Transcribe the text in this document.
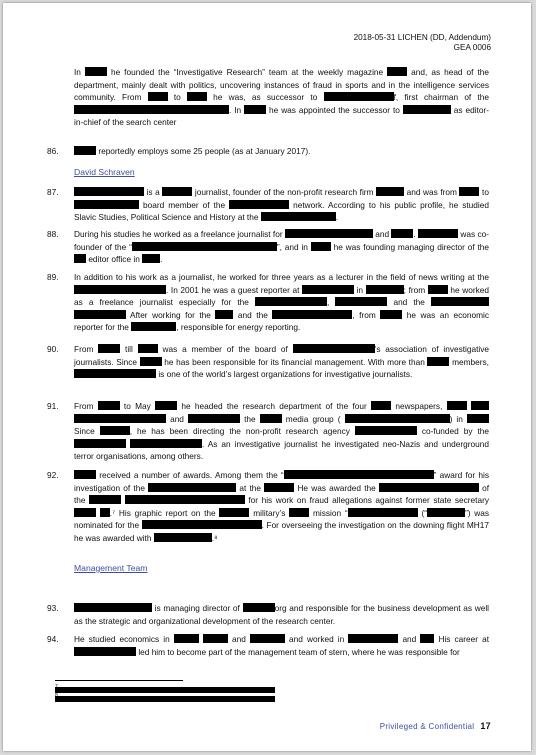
2018-05-31 LICHEN (DD, Addendum)
GEA 0006
In	he founded the “Investigative Research” team at the weekly magazine	and, as head of the department, mainly dealt with politics, uncovering instances of fraud in sports and in the intelligence services community. From	to	he was, as successor to	f, first chairman of the . In	he was appointed the successor to	as editor-in-chief of the search center
86.	reportedly employs some 25 people (as at January 2017).
David Schraven
87.	is a	journalist, founder of the non-profit research firm	and was from	to  board member of the	network. According to his public profile, he studied Slavic Studies, Political Science and History at the	.
88. During his studies he worked as a freelance journalist for	and	.	was co-founder of the “	”, and in	he was founding managing director of the  editor office in .
89. In addition to his work as a journalist, he worked for three years as a lecturer in the field of news writing at the . In 2001 he was a guest reporter at	in	; from	he worked as a freelance journalist especially for the	,	and the   After working for the	and the	, from	he was an economic reporter for the	, responsible for energy reporting.
90. From	till	was a member of the board of	’s association of investigative journalists. Since	he has been responsible for its financial management. With more than	members,  is one of the world’s largest organizations for investigative journalists.
91. From	to May	he headed the research department of the four	newspapers,    and	the	media group (	) in  Since	, he has been directing the non-profit research agency	co-funded by the  . As an investigative journalist he investigated neo-Nazis and underground terror organisations, among others.
92.	received a number of awards. Among them the “	” award for his investigation of the	at the	He was awarded the	of the	for his work on fraud allegations against former state secretary  .⁷ His graphic report on the	military’s	mission “	(“	”) was nominated for the	. For overseeing the investigation on the downing flight MH17 he was awarded with	.⁸
Management Team
93.	is managing director of	org and responsible for the business development as well as the strategic and organizational development of the research center.
94. He studied economics in	and	and worked in	and	His career at  led him to become part of the management team of stern, where he was responsible for
Privileged & Confidential 17
